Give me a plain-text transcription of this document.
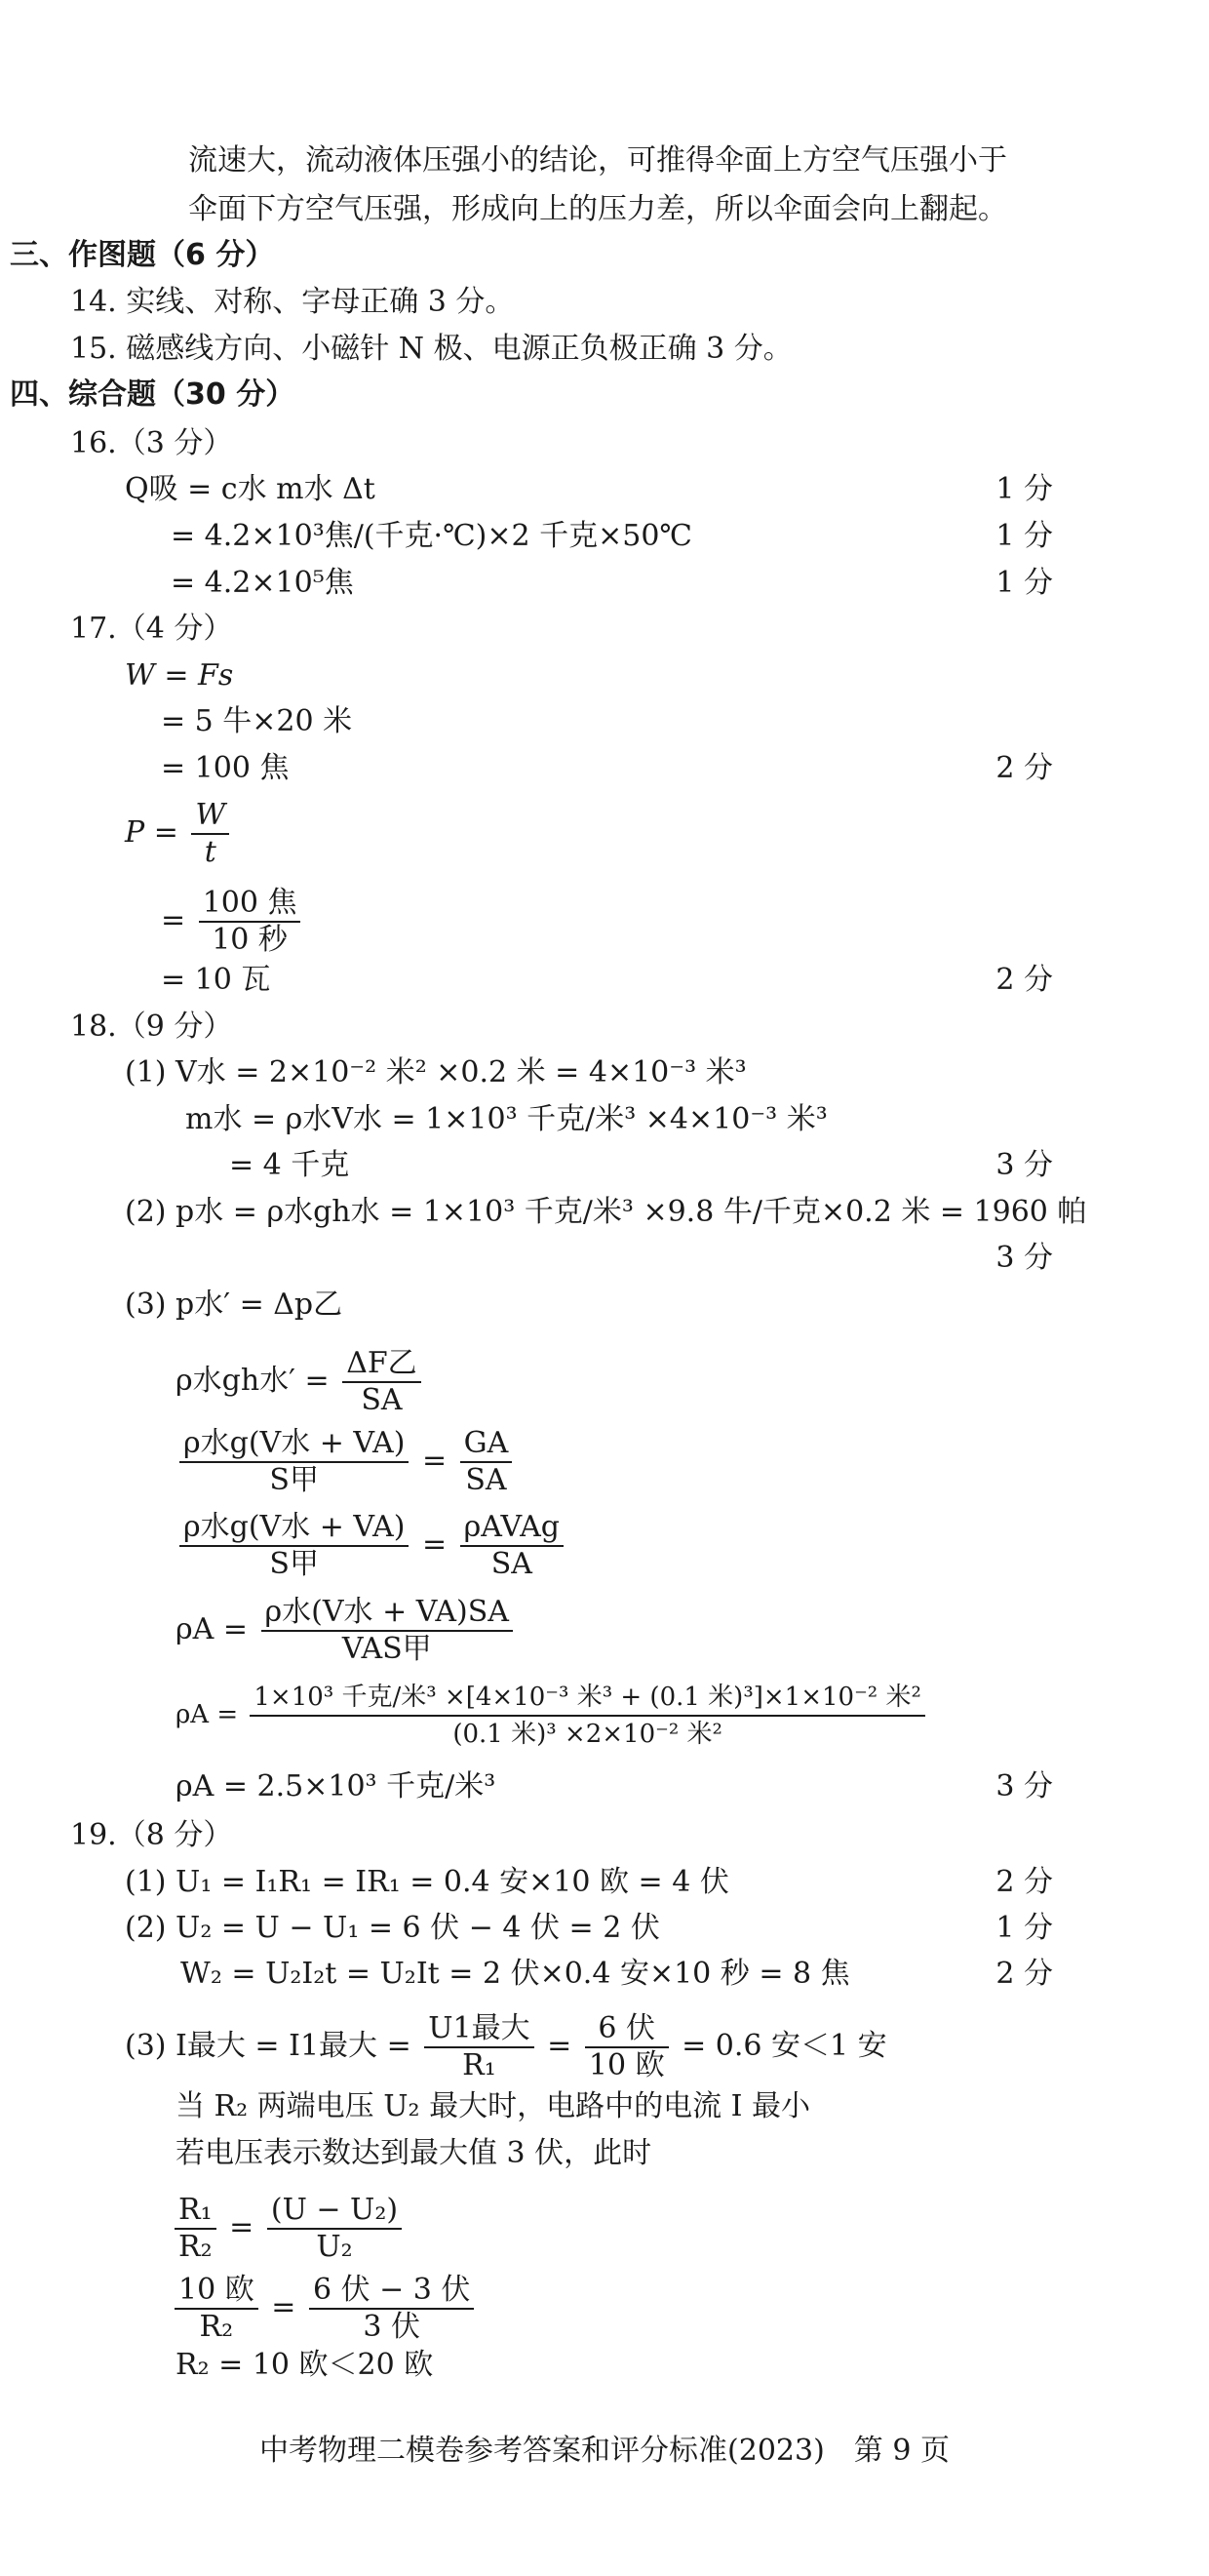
流速大，流动液体压强小的结论，可推得伞面上方空气压强小于
伞面下方空气压强，形成向上的压力差，所以伞面会向上翻起。
三、作图题（6 分）
14. 实线、对称、字母正确 3 分。
15. 磁感线方向、小磁针 N 极、电源正负极正确 3 分。
四、综合题（30 分）
16.（3 分）
Q吸 = c水 m水 Δt	1 分
= 4.2×10³焦/(千克·℃)×2 千克×50℃	1 分
= 4.2×10⁵焦	1 分
17.（4 分）
W = Fs
= 5 牛×20 米
= 100 焦	2 分
$P = \frac{W}{t}$
= $\frac{\text{100 焦}}{\text{10 秒}}$
= 10 瓦	2 分
18.（9 分）
(1) V水 = 2×10⁻² 米² ×0.2 米 = 4×10⁻³ 米³
m水 = ρ水V水 = 1×10³ 千克/米³ ×4×10⁻³ 米³
= 4 千克	3 分
(2) p水 = ρ水gh水 = 1×10³ 千克/米³ ×9.8 牛/千克×0.2 米 = 1960 帕
3 分
(3) p水′ = Δp乙
ρ水gh水′ = $\frac{\text{ΔF乙}}{SA}$
$\frac{\text{ρ水g(V水 + VA)}}{\text{S甲}} = \frac{GA}{SA}$
$\frac{\text{ρ水g(V水 + VA)}}{\text{S甲}} = \frac{\text{ρAVAg}}{SA}$
$\rho A = \frac{\text{ρ水(V水 + VA)SA}}{\text{VAS甲}}$
$\rho A = \frac{\text{1×10³ 千克/米³ ×[4×10⁻³ 米³ + (0.1 米)³]×1×10⁻² 米²}}{\text{(0.1 米)³ ×2×10⁻² 米²}}$
ρA = 2.5×10³ 千克/米³	3 分
19.（8 分）
(1) U₁ = I₁R₁ = IR₁ = 0.4 安×10 欧 = 4 伏	2 分
(2) U₂ = U − U₁ = 6 伏 − 4 伏 = 2 伏	1 分
W₂ = U₂I₂t = U₂It = 2 伏×0.4 安×10 秒 = 8 焦	2 分
(3) I最大 = I1最大 = $\frac{\text{U1最大}}{\text{R₁}} = \frac{\text{6 伏}}{\text{10 欧}} = 0.6$ 安＜1 安
当 R₂ 两端电压 U₂ 最大时，电路中的电流 I 最小
若电压表示数达到最大值 3 伏，此时
$\frac{\text{R₁}}{\text{R₂}} = \frac{\text{(U − U₂)}}{\text{U₂}}$
$\frac{\text{10 欧}}{\text{R₂}} = \frac{\text{6 伏 − 3 伏}}{\text{3 伏}}$
R₂ = 10 欧＜20 欧
中考物理二模卷参考答案和评分标准(2023)　第 9 页
